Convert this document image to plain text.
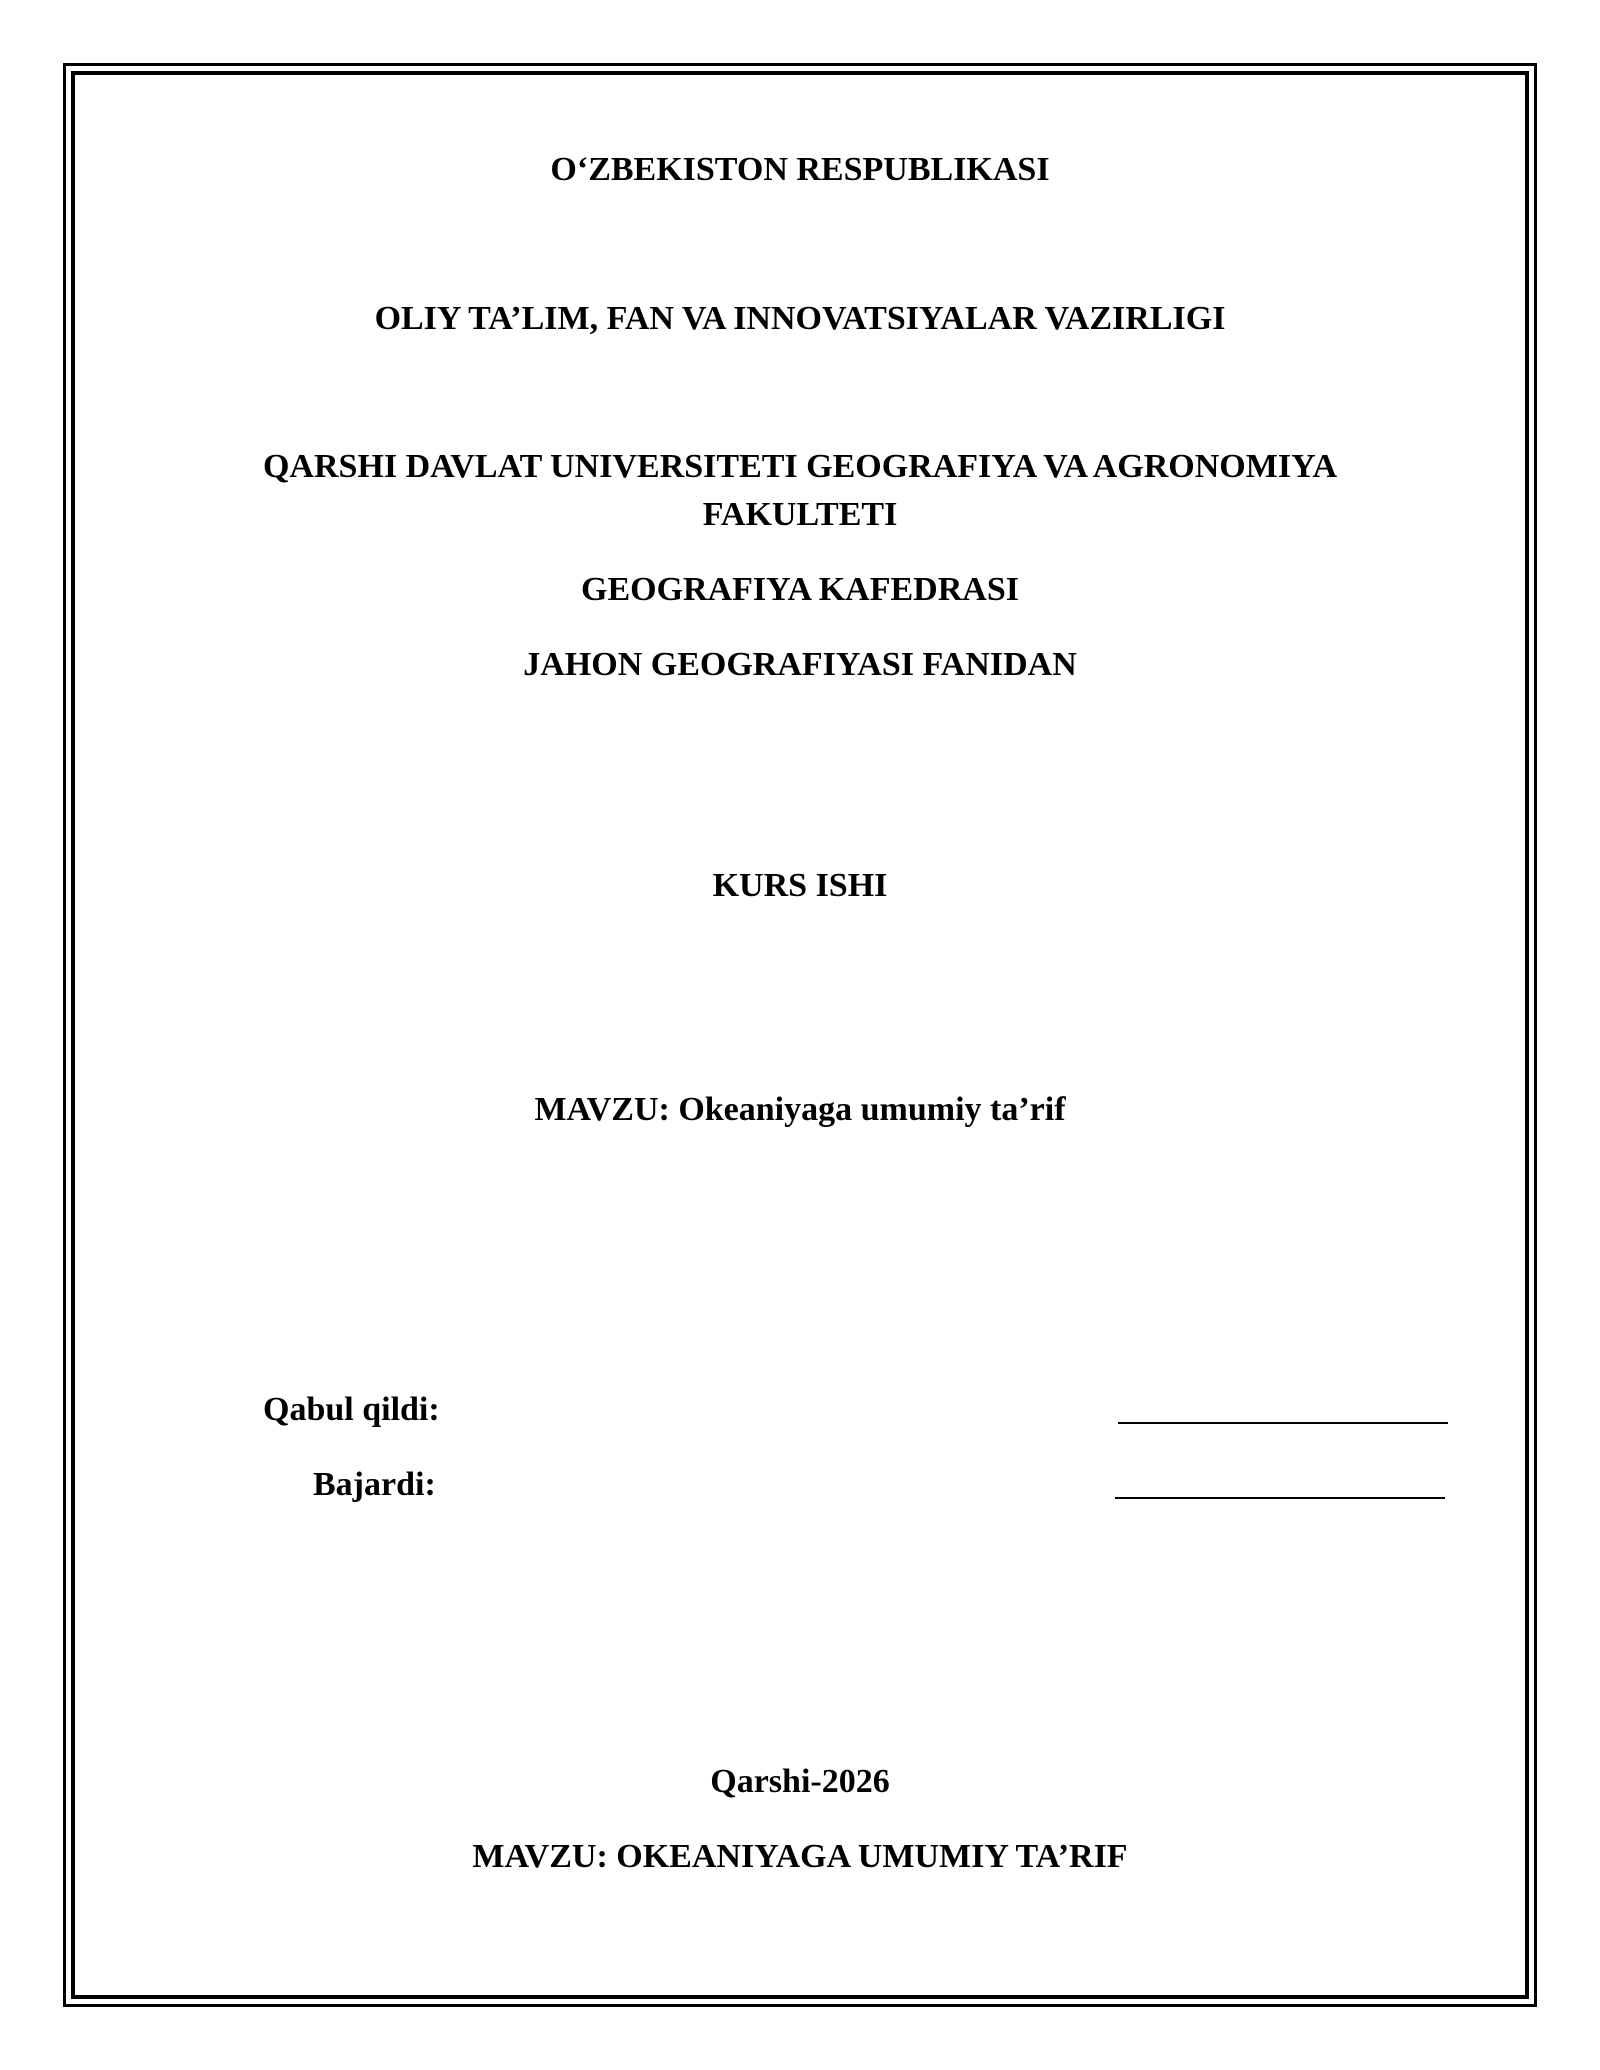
O‘ZBEKISTON RESPUBLIKASI
OLIY TA’LIM, FAN VA INNOVATSIYALAR VAZIRLIGI
QARSHI DAVLAT UNIVERSITETI GEOGRAFIYA VA AGRONOMIYA
FAKULTETI
GEOGRAFIYA KAFEDRASI
JAHON GEOGRAFIYASI FANIDAN
KURS ISHI
MAVZU: Okeaniyaga umumiy ta’rif
Qabul qildi:
Bajardi:
Qarshi-2026
MAVZU: OKEANIYAGA UMUMIY TA’RIF
